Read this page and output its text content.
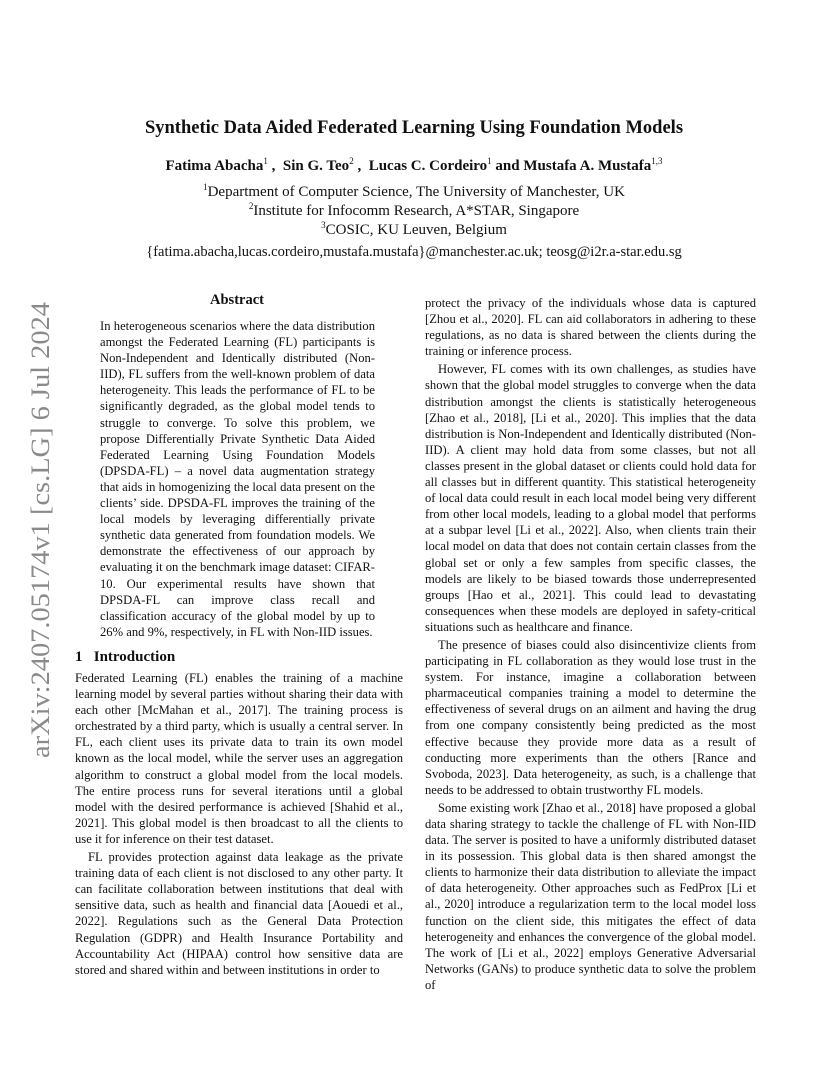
arXiv:2407.05174v1 [cs.LG] 6 Jul 2024
Synthetic Data Aided Federated Learning Using Foundation Models
Fatima Abacha$^1$ ,  Sin G. Teo$^2$ ,  Lucas C. Cordeiro$^1$ and Mustafa A. Mustafa$^{1,3}$
$^1$Department of Computer Science, The University of Manchester, UK
$^2$Institute for Infocomm Research, A*STAR, Singapore
$^3$COSIC, KU Leuven, Belgium
{fatima.abacha,lucas.cordeiro,mustafa.mustafa}@manchester.ac.uk; teosg@i2r.a-star.edu.sg
Abstract

In heterogeneous scenarios where the data distribution amongst the Federated Learning (FL) participants is Non-Independent and Identically distributed (Non-IID), FL suffers from the well-known problem of data heterogeneity. This leads the performance of FL to be significantly degraded, as the global model tends to struggle to converge. To solve this problem, we propose Differentially Private Synthetic Data Aided Federated Learning Using Foundation Models (DPSDA-FL) – a novel data augmentation strategy that aids in homogenizing the local data present on the clients’ side. DPSDA-FL improves the training of the local models by leveraging differentially private synthetic data generated from foundation models. We demonstrate the effectiveness of our approach by evaluating it on the benchmark image dataset: CIFAR-10. Our experimental results have shown that DPSDA-FL can improve class recall and classification accuracy of the global model by up to 26% and 9%, respectively, in FL with Non-IID issues.

1   Introduction

Federated Learning (FL) enables the training of a machine learning model by several parties without sharing their data with each other [McMahan et al., 2017]. The training process is orchestrated by a third party, which is usually a central server. In FL, each client uses its private data to train its own model known as the local model, while the server uses an aggregation algorithm to construct a global model from the local models. The entire process runs for several iterations until a global model with the desired performance is achieved [Shahid et al., 2021]. This global model is then broadcast to all the clients to use it for inference on their test dataset.

FL provides protection against data leakage as the private training data of each client is not disclosed to any other party. It can facilitate collaboration between institutions that deal with sensitive data, such as health and financial data [Aouedi et al., 2022]. Regulations such as the General Data Protection Regulation (GDPR) and Health Insurance Portability and Accountability Act (HIPAA) control how sensitive data are stored and shared within and between institutions in order to

protect the privacy of the individuals whose data is captured [Zhou et al., 2020]. FL can aid collaborators in adhering to these regulations, as no data is shared between the clients during the training or inference process.

However, FL comes with its own challenges, as studies have shown that the global model struggles to converge when the data distribution amongst the clients is statistically heterogeneous [Zhao et al., 2018], [Li et al., 2020]. This implies that the data distribution is Non-Independent and Identically distributed (Non-IID). A client may hold data from some classes, but not all classes present in the global dataset or clients could hold data for all classes but in different quantity. This statistical heterogeneity of local data could result in each local model being very different from other local models, leading to a global model that performs at a subpar level [Li et al., 2022]. Also, when clients train their local model on data that does not contain certain classes from the global set or only a few samples from specific classes, the models are likely to be biased towards those underrepresented groups [Hao et al., 2021]. This could lead to devastating consequences when these models are deployed in safety-critical situations such as healthcare and finance.

The presence of biases could also disincentivize clients from participating in FL collaboration as they would lose trust in the system. For instance, imagine a collaboration between pharmaceutical companies training a model to determine the effectiveness of several drugs on an ailment and having the drug from one company consistently being predicted as the most effective because they provide more data as a result of conducting more experiments than the others [Rance and Svoboda, 2023]. Data heterogeneity, as such, is a challenge that needs to be addressed to obtain trustworthy FL models.

Some existing work [Zhao et al., 2018] have proposed a global data sharing strategy to tackle the challenge of FL with Non-IID data. The server is posited to have a uniformly distributed dataset in its possession. This global data is then shared amongst the clients to harmonize their data distribution to alleviate the impact of data heterogeneity. Other approaches such as FedProx [Li et al., 2020] introduce a regularization term to the local model loss function on the client side, this mitigates the effect of data heterogeneity and enhances the convergence of the global model. The work of [Li et al., 2022] employs Generative Adversarial Networks (GANs) to produce synthetic data to solve the problem of
